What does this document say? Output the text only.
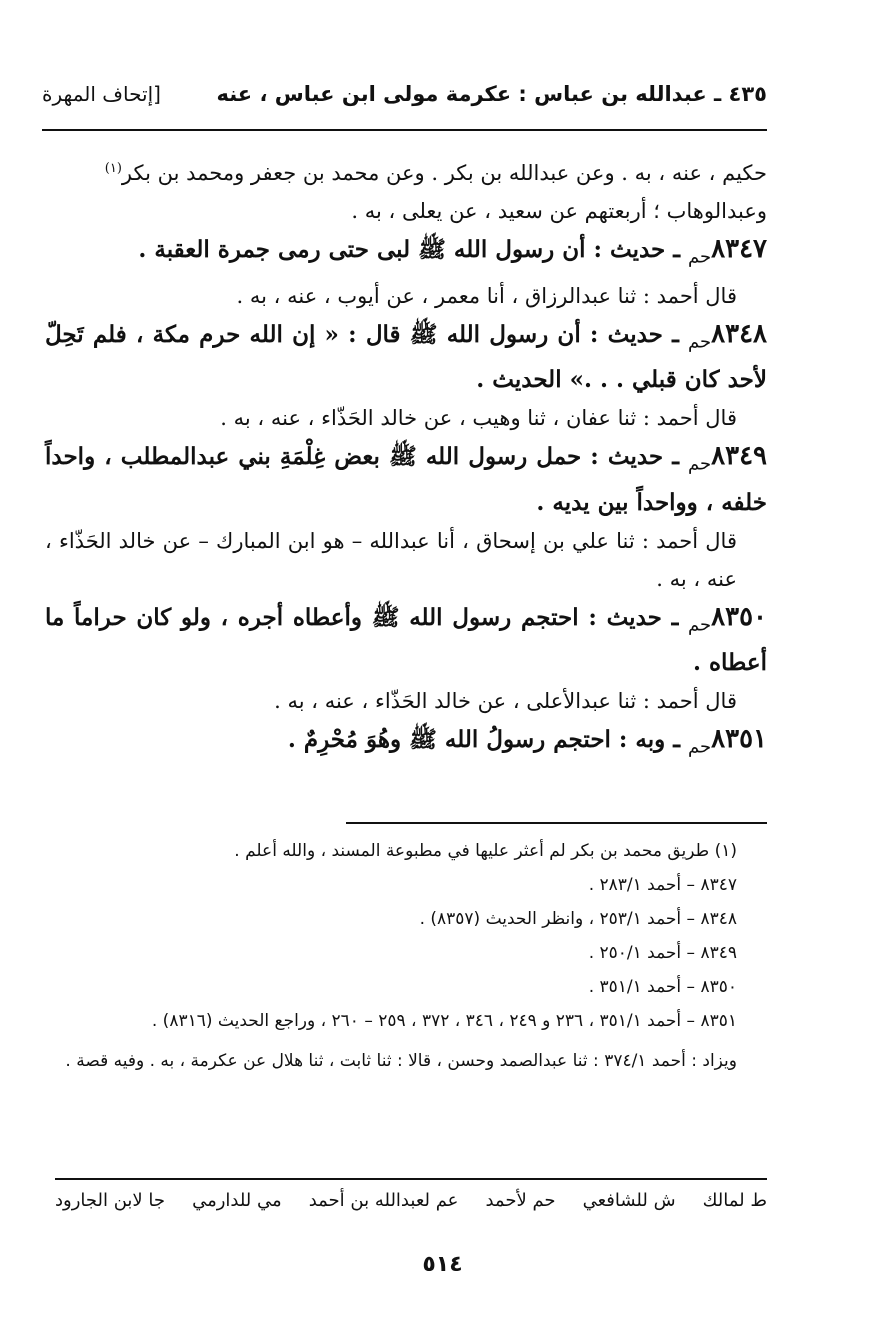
٤٣٥ ـ عبدالله بن عباس : عكرمة مولى ابن عباس ، عنه
[إتحاف المهرة

حكيم ، عنه ، به . وعن عبدالله بن بكر . وعن محمد بن جعفر ومحمد بن بكر$^{(١)}$

وعبدالوهاب ؛ أربعتهم عن سعيد ، عن يعلى ، به .

$٨٣٤٧_{حم}$ ـ حديث : أن رسول الله ﷺ لبى حتى رمى جمرة العقبة .

قال أحمد : ثنا عبدالرزاق ، أنا معمر ، عن أيوب ، عنه ، به .

$٨٣٤٨_{حم}$ ـ حديث : أن رسول الله ﷺ قال : « إن الله حرم مكة ، فلم تَحِلّ لأحد كان قبلي . . .» الحديث .

قال أحمد : ثنا عفان ، ثنا وهيب ، عن خالد الحَذّاء ، عنه ، به .

$٨٣٤٩_{حم}$ ـ حديث : حمل رسول الله ﷺ بعض غِلْمَةِ بني عبدالمطلب ، واحداً خلفه ، وواحداً بين يديه .

قال أحمد : ثنا علي بن إسحاق ، أنا عبدالله – هو ابن المبارك – عن خالد الحَذّاء ، عنه ، به .

$٨٣٥٠_{حم}$ ـ حديث : احتجم رسول الله ﷺ وأعطاه أجره ، ولو كان حراماً ما أعطاه .

قال أحمد : ثنا عبدالأعلى ، عن خالد الحَذّاء ، عنه ، به .

$٨٣٥١_{حم}$ ـ وبه : احتجم رسولُ الله ﷺ وهُوَ مُحْرِمٌ .

(١) طريق محمد بن بكر لم أعثر عليها في مطبوعة المسند ، والله أعلم .

٨٣٤٧ – أحمد ٢٨٣/١ .

٨٣٤٨ – أحمد ٢٥٣/١ ، وانظر الحديث (٨٣٥٧) .

٨٣٤٩ – أحمد ٢٥٠/١ .

٨٣٥٠ – أحمد ٣٥١/١ .

٨٣٥١ – أحمد ٣٥١/١ ، ٢٣٦ و ٢٤٩ ، ٣٤٦ ، ٣٧٢ ، ٢٥٩ – ٢٦٠ ، وراجع الحديث (٨٣١٦) .

ويزاد : أحمد ٣٧٤/١ : ثنا عبدالصمد وحسن ، قالا : ثنا ثابت ، ثنا هلال عن عكرمة ، به . وفيه قصة .

ط لمالك
ش للشافعي
حم لأحمد
عم لعبدالله بن أحمد
مي للدارمي
جا لابن الجارود
٥١٤
